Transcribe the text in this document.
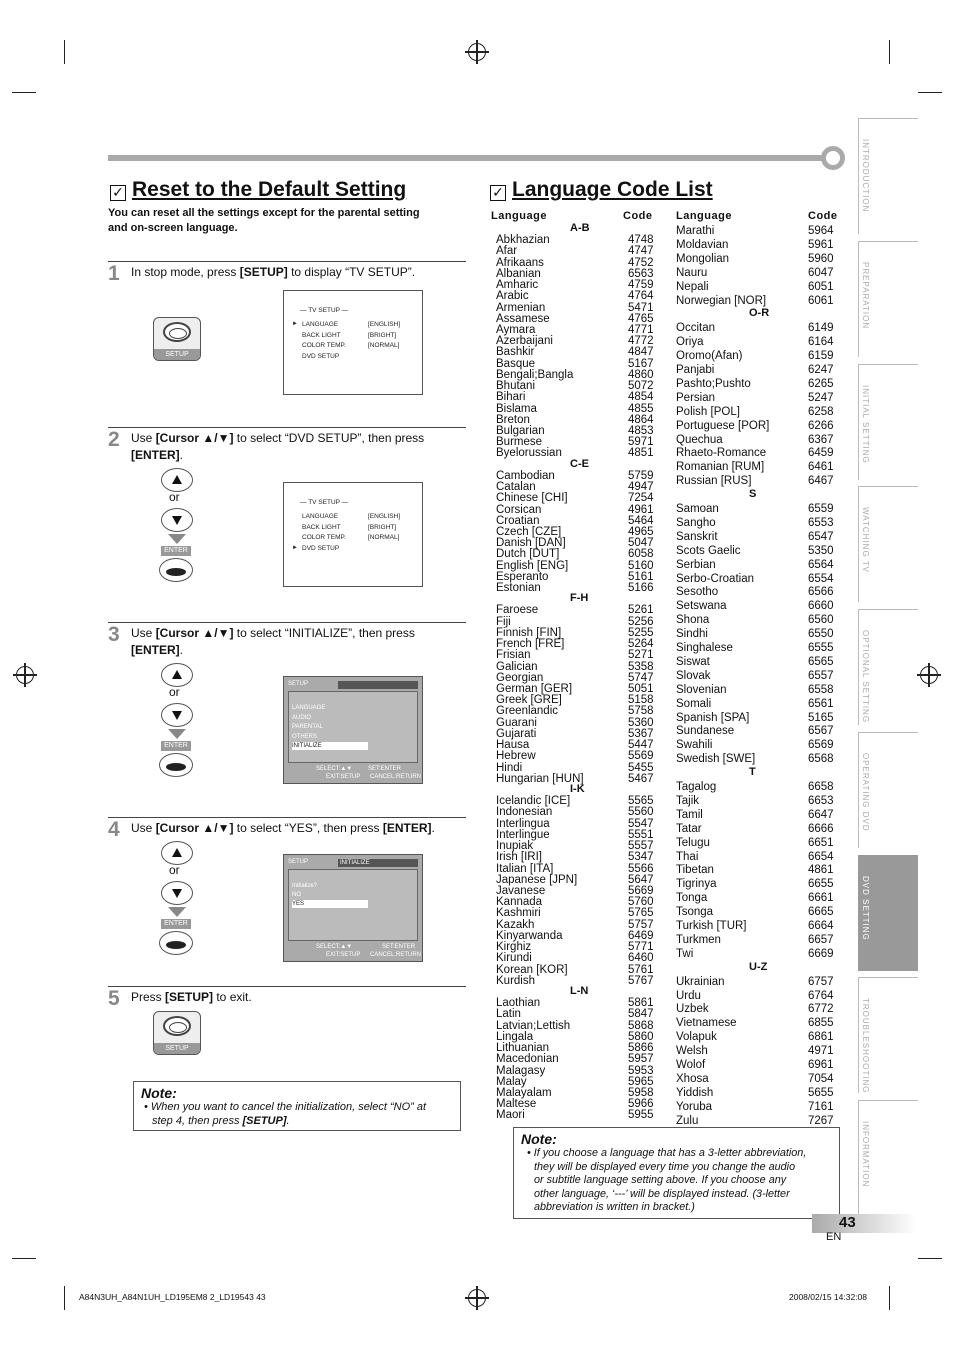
INTRODUCTION
PREPARATION
INITIAL SETTING
WATCHING TV
OPTIONAL SETTING
OPERATING DVD
DVD SETTING
TROUBLESHOOTING
INFORMATION
✓ Reset to the Default Setting
You can reset all the settings except for the parental setting and on-screen language.
1 In stop mode, press [SETUP] to display “TV SETUP”.
2 Use [Cursor ▲/▼] to select “DVD SETUP”, then press [ENTER].
3 Use [Cursor ▲/▼] to select “INITIALIZE”, then press [ENTER].
4 Use [Cursor ▲/▼] to select “YES”, then press [ENTER].
5 Press [SETUP] to exit.
SETUP
— TV SETUP —
► LANGUAGE	[ENGLISH]
BACK LIGHT	[BRIGHT]
COLOR TEMP.	[NORMAL]
DVD SETUP
or
ENTER
— TV SETUP —
LANGUAGE	[ENGLISH]
BACK LIGHT	[BRIGHT]
COLOR TEMP.	[NORMAL]
► DVD SETUP
or
ENTER
SETUP
LANGUAGE
AUDIO
PARENTAL
OTHERS
INITIALIZE
SELECT:▲▼	SET:ENTER
EXIT:SETUP CANCEL:RETURN
or
ENTER
SETUP	INITIALIZE
Initialize?
NO
YES
SELECT:▲▼	SET:ENTER
EXIT:SETUP CANCEL:RETURN
SETUP
Note:
• When you want to cancel the initialization, select “NO” at
step 4, then press [SETUP].
✓ Language Code List
Language	Code Language	Code
A-B
Abkhazian	4748
Afar	4747
Afrikaans	4752
Albanian	6563
Amharic	4759
Arabic	4764
Armenian	5471
Assamese	4765
Aymara	4771
Azerbaijani	4772
Bashkir	4847
Basque	5167
Bengali;Bangla	4860
Bhutani	5072
Bihari	4854
Bislama	4855
Breton	4864
Bulgarian	4853
Burmese	5971
Byelorussian	4851
C-E
Cambodian	5759
Catalan	4947
Chinese [CHI]	7254
Corsican	4961
Croatian	5464
Czech [CZE]	4965
Danish [DAN]	5047
Dutch [DUT]	6058
English [ENG]	5160
Esperanto	5161
Estonian	5166
F-H
Faroese	5261
Fiji	5256
Finnish [FIN]	5255
French [FRE]	5264
Frisian	5271
Galician	5358
Georgian	5747
German [GER]	5051
Greek [GRE]	5158
Greenlandic	5758
Guarani	5360
Gujarati	5367
Hausa	5447
Hebrew	5569
Hindi	5455
Hungarian [HUN]	5467
I-K
Icelandic [ICE]	5565
Indonesian	5560
Interlingua	5547
Interlingue	5551
Inupiak	5557
Irish [IRI]	5347
Italian [ITA]	5566
Japanese [JPN]	5647
Javanese	5669
Kannada	5760
Kashmiri	5765
Kazakh	5757
Kinyarwanda	6469
Kirghiz	5771
Kirundi	6460
Korean [KOR]	5761
Kurdish	5767
L-N
Laothian	5861
Latin	5847
Latvian;Lettish	5868
Lingala	5860
Lithuanian	5866
Macedonian	5957
Malagasy	5953
Malay	5965
Malayalam	5958
Maltese	5966
Maori	5955
Marathi	5964
Moldavian	5961
Mongolian	5960
Nauru	6047
Nepali	6051
Norwegian [NOR]	6061
O-R
Occitan	6149
Oriya	6164
Oromo(Afan)	6159
Panjabi	6247
Pashto;Pushto	6265
Persian	5247
Polish [POL]	6258
Portuguese [POR]	6266
Quechua	6367
Rhaeto-Romance	6459
Romanian [RUM]	6461
Russian [RUS]	6467
S
Samoan	6559
Sangho	6553
Sanskrit	6547
Scots Gaelic	5350
Serbian	6564
Serbo-Croatian	6554
Sesotho	6566
Setswana	6660
Shona	6560
Sindhi	6550
Singhalese	6555
Siswat	6565
Slovak	6557
Slovenian	6558
Somali	6561
Spanish [SPA]	5165
Sundanese	6567
Swahili	6569
Swedish [SWE]	6568
T
Tagalog	6658
Tajik	6653
Tamil	6647
Tatar	6666
Telugu	6651
Thai	6654
Tibetan	4861
Tigrinya	6655
Tonga	6661
Tsonga	6665
Turkish [TUR]	6664
Turkmen	6657
Twi	6669
U-Z
Ukrainian	6757
Urdu	6764
Uzbek	6772
Vietnamese	6855
Volapuk	6861
Welsh	4971
Wolof	6961
Xhosa	7054
Yiddish	5655
Yoruba	7161
Zulu	7267
Note:
• If you choose a language that has a 3-letter abbreviation,
they will be displayed every time you change the audio
or subtitle language setting above. If you choose any
other language, ‘---’ will be displayed instead. (3-letter
abbreviation is written in bracket.)
43
EN
A84N3UH_A84N1UH_LD195EM8 2_LD19543 43	2008/02/15 14:32:08
